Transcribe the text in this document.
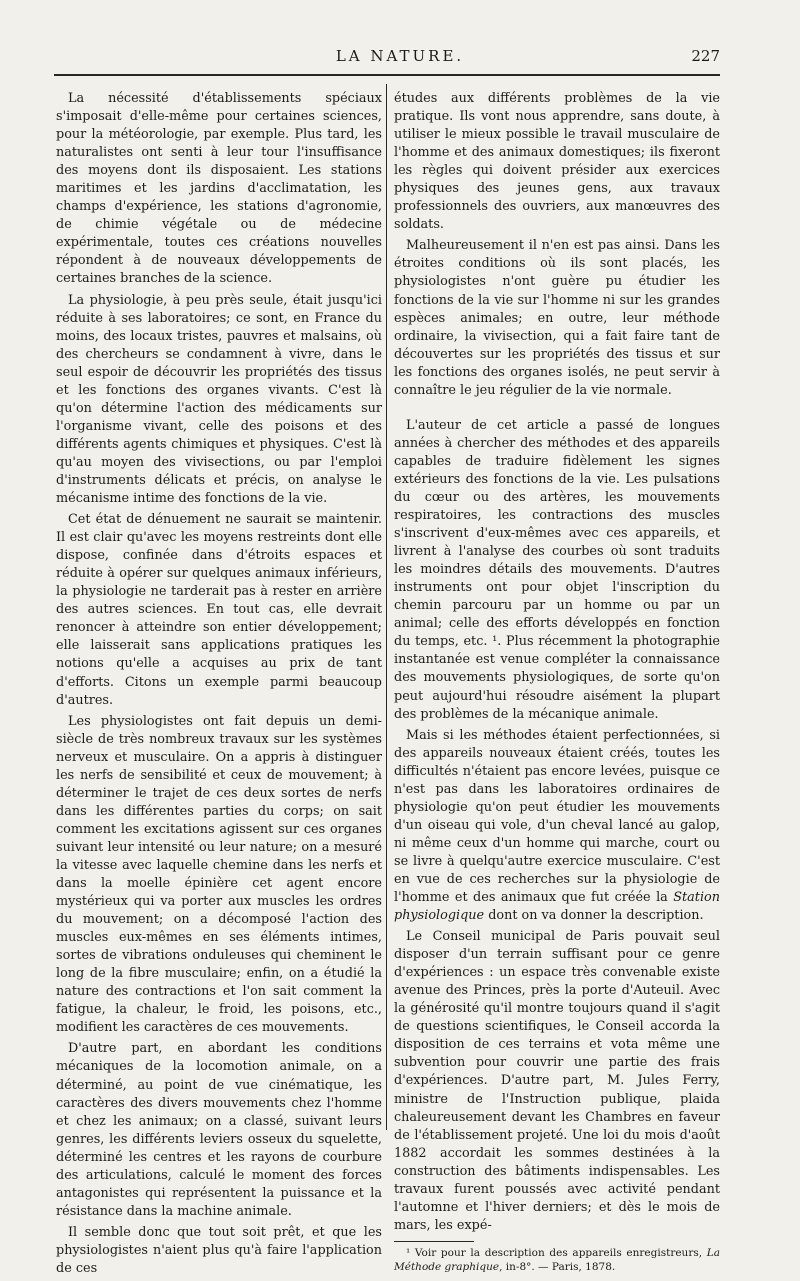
LA NATURE.	227

La nécessité d'établissements spéciaux s'imposait d'elle-même pour certaines sciences, pour la météorologie, par exemple. Plus tard, les naturalistes ont senti à leur tour l'insuffisance des moyens dont ils disposaient. Les stations maritimes et les jardins d'acclimatation, les champs d'expérience, les stations d'agronomie, de chimie végétale ou de médecine expérimentale, toutes ces créations nouvelles répondent à de nouveaux développements de certaines branches de la science.

La physiologie, à peu près seule, était jusqu'ici réduite à ses laboratoires; ce sont, en France du moins, des locaux tristes, pauvres et malsains, où des chercheurs se condamnent à vivre, dans le seul espoir de découvrir les propriétés des tissus et les fonctions des organes vivants. C'est là qu'on détermine l'action des médicaments sur l'organisme vivant, celle des poisons et des différents agents chimiques et physiques. C'est là qu'au moyen des vivisections, ou par l'emploi d'instruments délicats et précis, on analyse le mécanisme intime des fonctions de la vie.

Cet état de dénuement ne saurait se maintenir. Il est clair qu'avec les moyens restreints dont elle dispose, confinée dans d'étroits espaces et réduite à opérer sur quelques animaux inférieurs, la physiologie ne tarderait pas à rester en arrière des autres sciences. En tout cas, elle devrait renoncer à atteindre son entier développement; elle laisserait sans applications pratiques les notions qu'elle a acquises au prix de tant d'efforts. Citons un exemple parmi beaucoup d'autres.

Les physiologistes ont fait depuis un demi-siècle de très nombreux travaux sur les systèmes nerveux et musculaire. On a appris à distinguer les nerfs de sensibilité et ceux de mouvement; à déterminer le trajet de ces deux sortes de nerfs dans les différentes parties du corps; on sait comment les excitations agissent sur ces organes suivant leur intensité ou leur nature; on a mesuré la vitesse avec laquelle chemine dans les nerfs et dans la moelle épinière cet agent encore mystérieux qui va porter aux muscles les ordres du mouvement; on a décomposé l'action des muscles eux-mêmes en ses éléments intimes, sortes de vibrations onduleuses qui cheminent le long de la fibre musculaire; enfin, on a étudié la nature des contractions et l'on sait comment la fatigue, la chaleur, le froid, les poisons, etc., modifient les caractères de ces mouvements.

D'autre part, en abordant les conditions mécaniques de la locomotion animale, on a déterminé, au point de vue cinématique, les caractères des divers mouvements chez l'homme et chez les animaux; on a classé, suivant leurs genres, les différents leviers osseux du squelette, déterminé les centres et les rayons de courbure des articulations, calculé le moment des forces antagonistes qui représentent la puissance et la résistance dans la machine animale.

Il semble donc que tout soit prêt, et que les physiologistes n'aient plus qu'à faire l'application de ces

études aux différents problèmes de la vie pratique. Ils vont nous apprendre, sans doute, à utiliser le mieux possible le travail musculaire de l'homme et des animaux domestiques; ils fixeront les règles qui doivent présider aux exercices physiques des jeunes gens, aux travaux professionnels des ouvriers, aux manœuvres des soldats.

Malheureusement il n'en est pas ainsi. Dans les étroites conditions où ils sont placés, les physiologistes n'ont guère pu étudier les fonctions de la vie sur l'homme ni sur les grandes espèces animales; en outre, leur méthode ordinaire, la vivisection, qui a fait faire tant de découvertes sur les propriétés des tissus et sur les fonctions des organes isolés, ne peut servir à connaître le jeu régulier de la vie normale.

L'auteur de cet article a passé de longues années à chercher des méthodes et des appareils capables de traduire fidèlement les signes extérieurs des fonctions de la vie. Les pulsations du cœur ou des artères, les mouvements respiratoires, les contractions des muscles s'inscrivent d'eux-mêmes avec ces appareils, et livrent à l'analyse des courbes où sont traduits les moindres détails des mouvements. D'autres instruments ont pour objet l'inscription du chemin parcouru par un homme ou par un animal; celle des efforts développés en fonction du temps, etc. ¹. Plus récemment la photographie instantanée est venue compléter la connaissance des mouvements physiologiques, de sorte qu'on peut aujourd'hui résoudre aisément la plupart des problèmes de la mécanique animale.

Mais si les méthodes étaient perfectionnées, si des appareils nouveaux étaient créés, toutes les difficultés n'étaient pas encore levées, puisque ce n'est pas dans les laboratoires ordinaires de physiologie qu'on peut étudier les mouvements d'un oiseau qui vole, d'un cheval lancé au galop, ni même ceux d'un homme qui marche, court ou se livre à quelqu'autre exercice musculaire. C'est en vue de ces recherches sur la physiologie de l'homme et des animaux que fut créée la Station physiologique dont on va donner la description.

Le Conseil municipal de Paris pouvait seul disposer d'un terrain suffisant pour ce genre d'expériences : un espace très convenable existe avenue des Princes, près la porte d'Auteuil. Avec la générosité qu'il montre toujours quand il s'agit de questions scientifiques, le Conseil accorda la disposition de ces terrains et vota même une subvention pour couvrir une partie des frais d'expériences. D'autre part, M. Jules Ferry, ministre de l'Instruction publique, plaida chaleureusement devant les Chambres en faveur de l'établissement projeté. Une loi du mois d'août 1882 accordait les sommes destinées à la construction des bâtiments indispensables. Les travaux furent poussés avec activité pendant l'automne et l'hiver derniers; et dès le mois de mars, les expé-

¹ Voir pour la description des appareils enregistreurs, La Méthode graphique, in-8°. — Paris, 1878.
